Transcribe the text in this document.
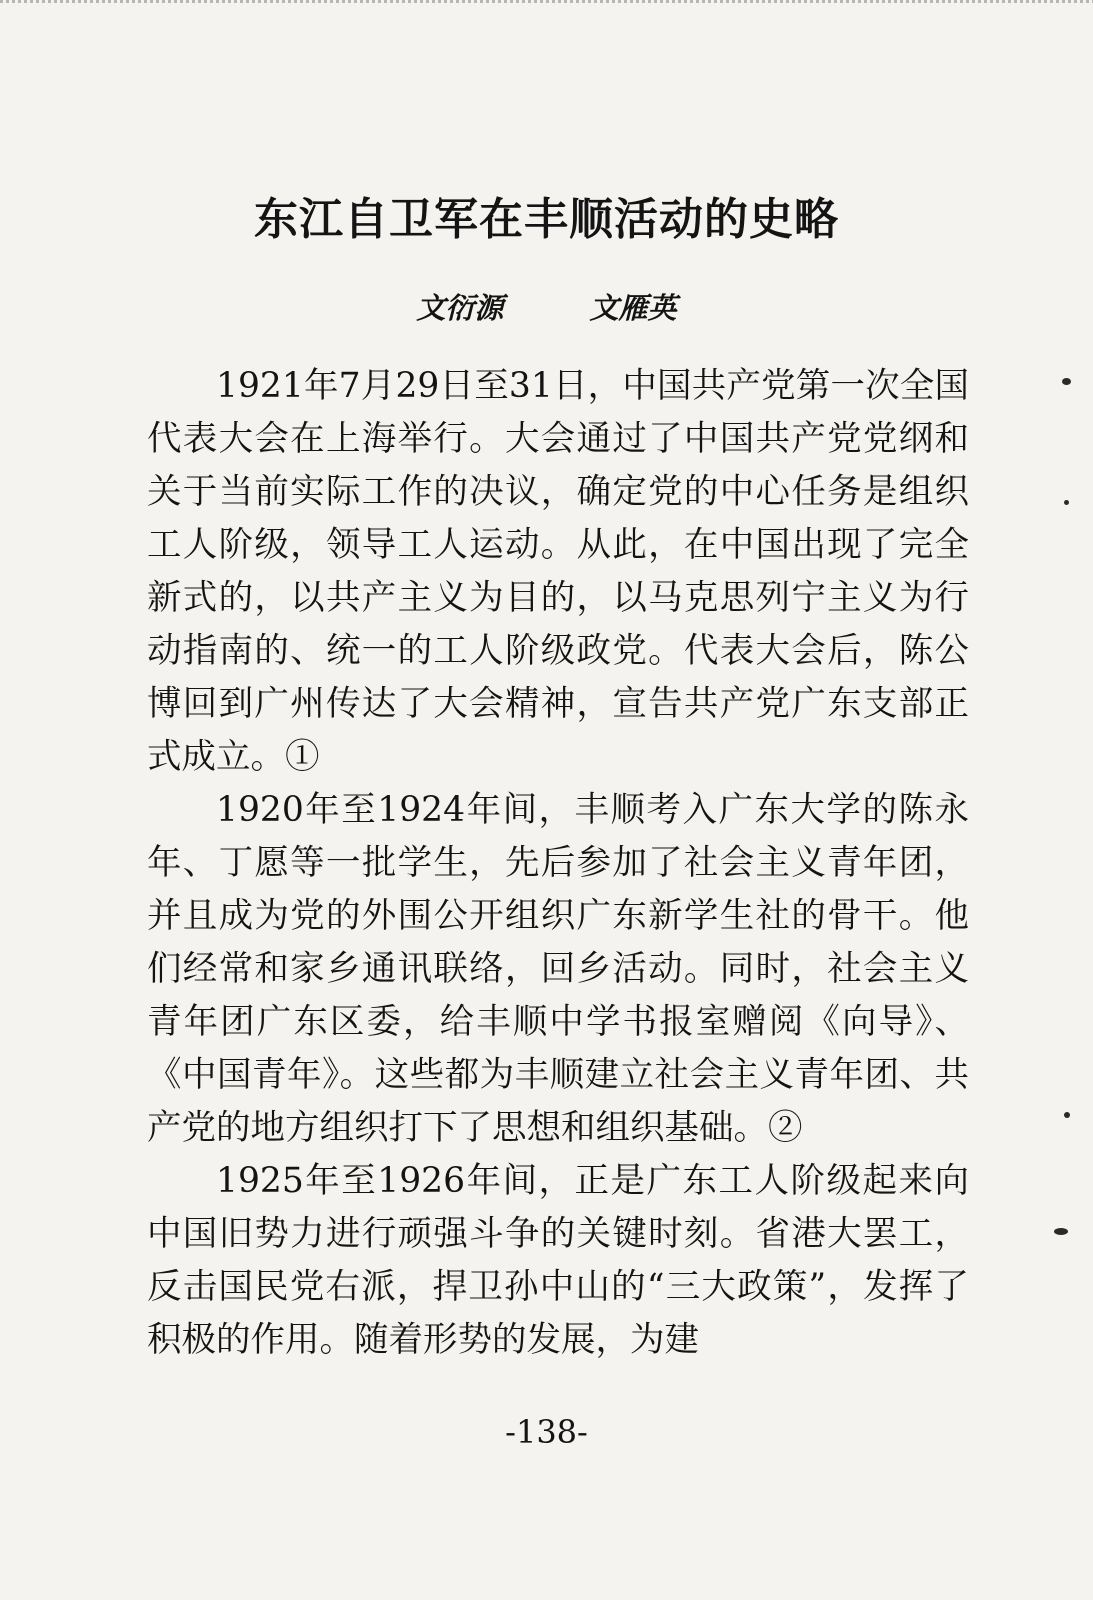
东江自卫军在丰顺活动的史略

文衍源	文雁英

1921年7月29日至31日，中国共产党第一次全国代表大会在上海举行。大会通过了中国共产党党纲和关于当前实际工作的决议，确定党的中心任务是组织工人阶级，领导工人运动。从此，在中国出现了完全新式的，以共产主义为目的，以马克思列宁主义为行动指南的、统一的工人阶级政党。代表大会后，陈公博回到广州传达了大会精神，宣告共产党广东支部正式成立。①

1920年至1924年间，丰顺考入广东大学的陈永年、丁愿等一批学生，先后参加了社会主义青年团，并且成为党的外围公开组织广东新学生社的骨干。他们经常和家乡通讯联络，回乡活动。同时，社会主义青年团广东区委，给丰顺中学书报室赠阅《向导》、《中国青年》。这些都为丰顺建立社会主义青年团、共产党的地方组织打下了思想和组织基础。②

1925年至1926年间，正是广东工人阶级起来向中国旧势力进行顽强斗争的关键时刻。省港大罢工，反击国民党右派，捍卫孙中山的“三大政策”，发挥了积极的作用。随着形势的发展，为建

-138-
